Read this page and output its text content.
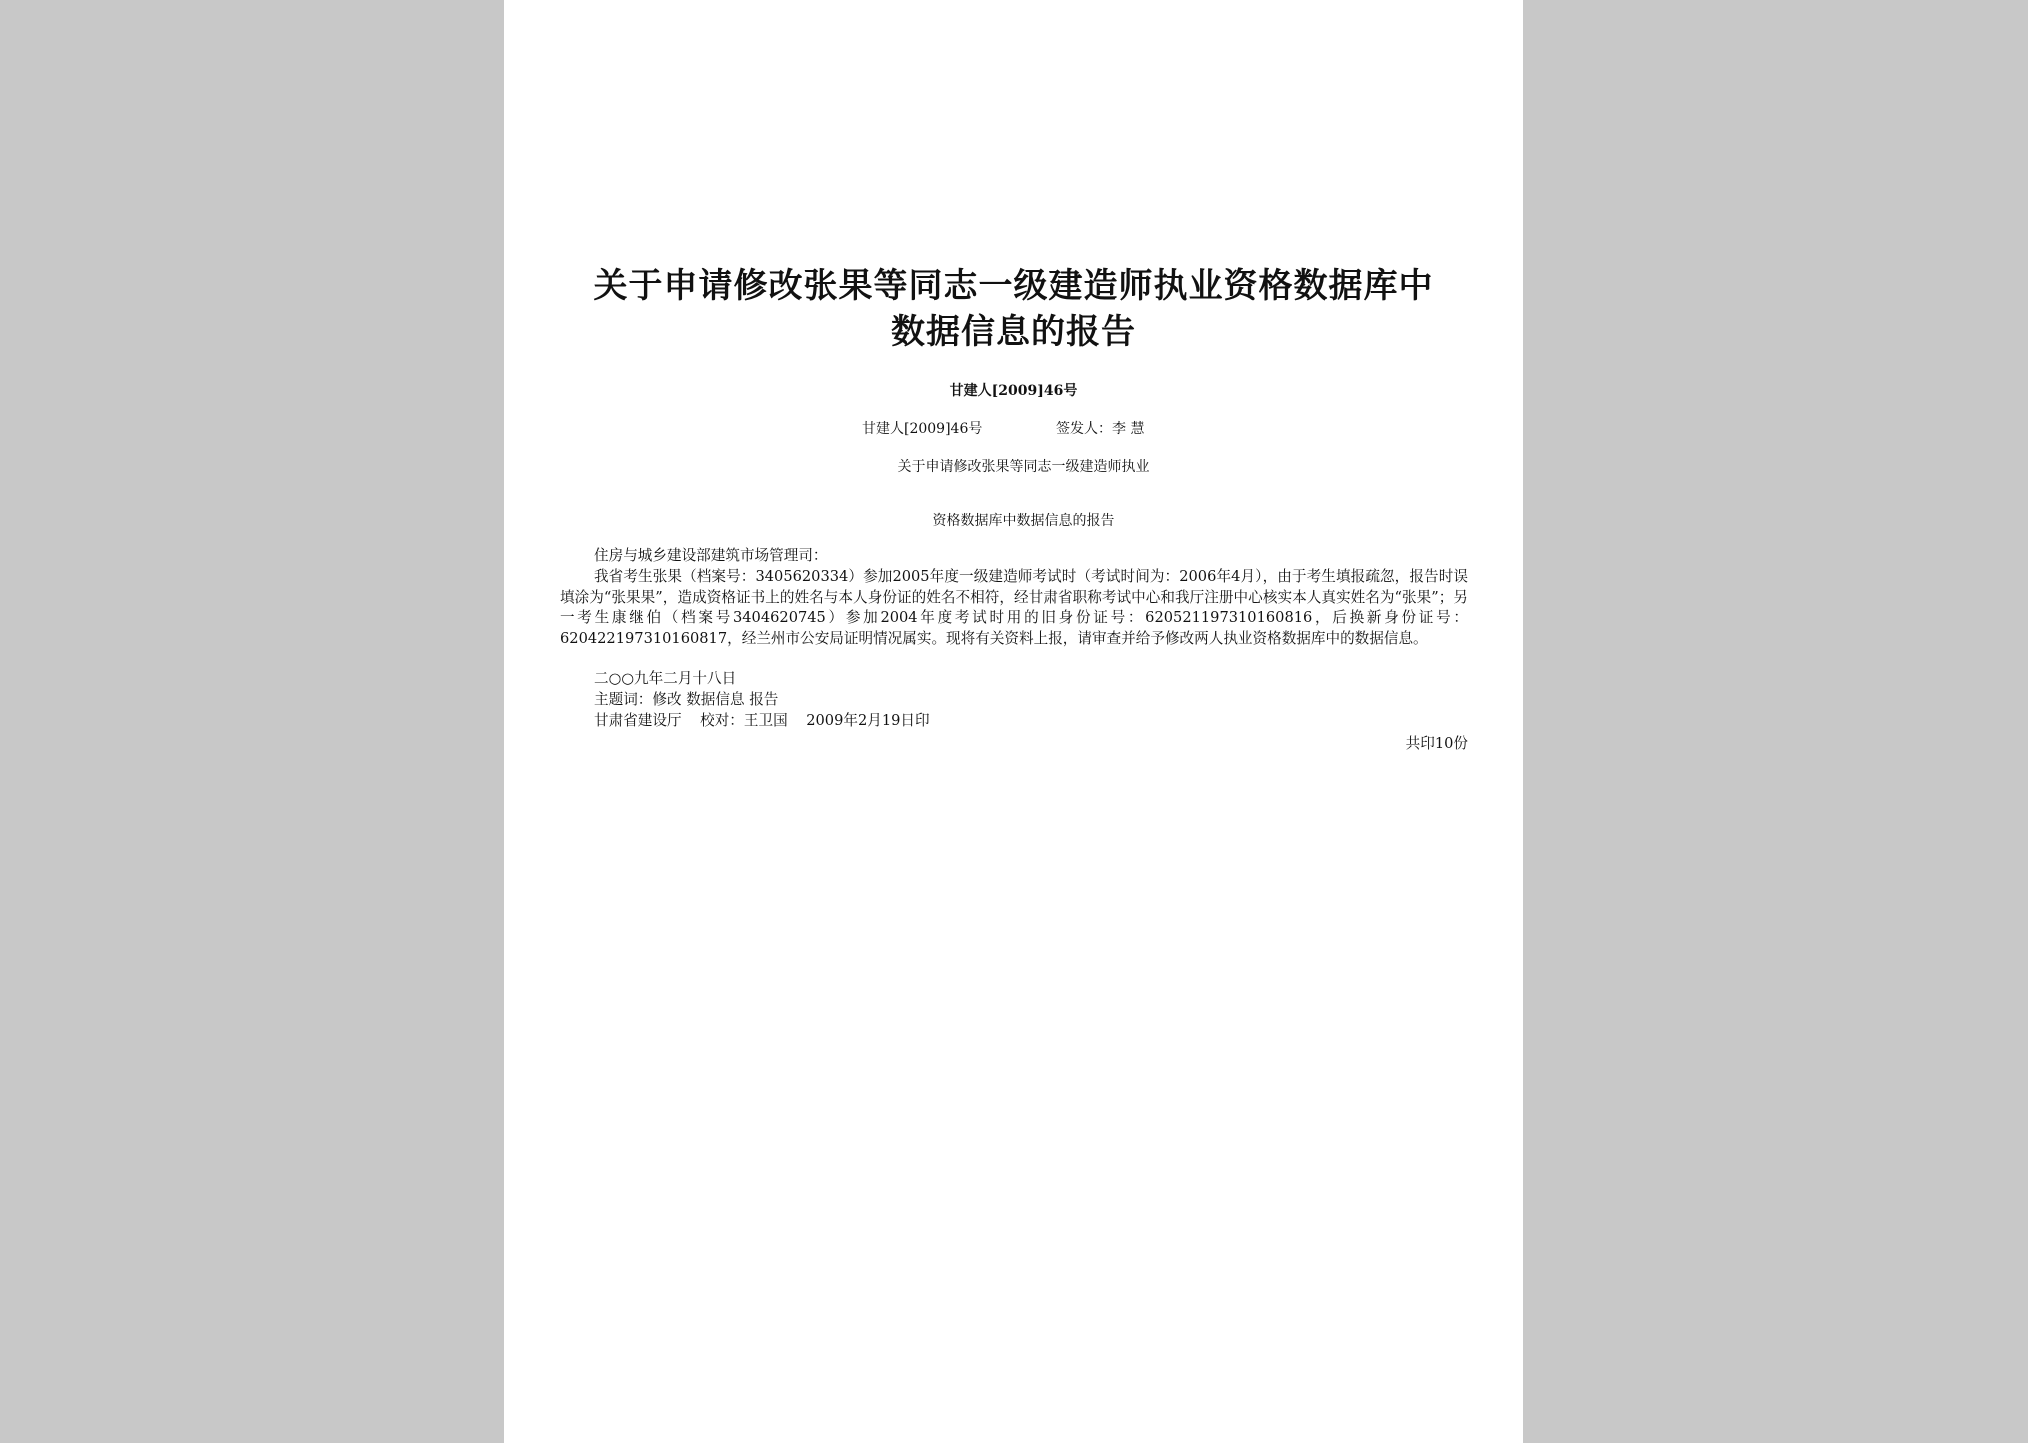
关于申请修改张果等同志一级建造师执业资格数据库中
数据信息的报告
甘建人[2009]46号
甘建人[2009]46号	签发人：李 慧
关于申请修改张果等同志一级建造师执业
资格数据库中数据信息的报告
住房与城乡建设部建筑市场管理司：
我省考生张果（档案号：3405620334）参加2005年度一级建造师考试时（考试时间为：2006年4月），由于考生填报疏忽，报告时误填涂为“张果果”，造成资格证书上的姓名与本人身份证的姓名不相符，经甘肃省职称考试中心和我厅注册中心核实本人真实姓名为“张果”；另一考生康继伯（档案号3404620745）参加2004年度考试时用的旧身份证号：620521197310160816，后换新身份证号：620422197310160817，经兰州市公安局证明情况属实。现将有关资料上报，请审查并给予修改两人执业资格数据库中的数据信息。
二○○九年二月十八日
主题词：修改 数据信息 报告
甘肃省建设厅    校对：王卫国    2009年2月19日印
共印10份
